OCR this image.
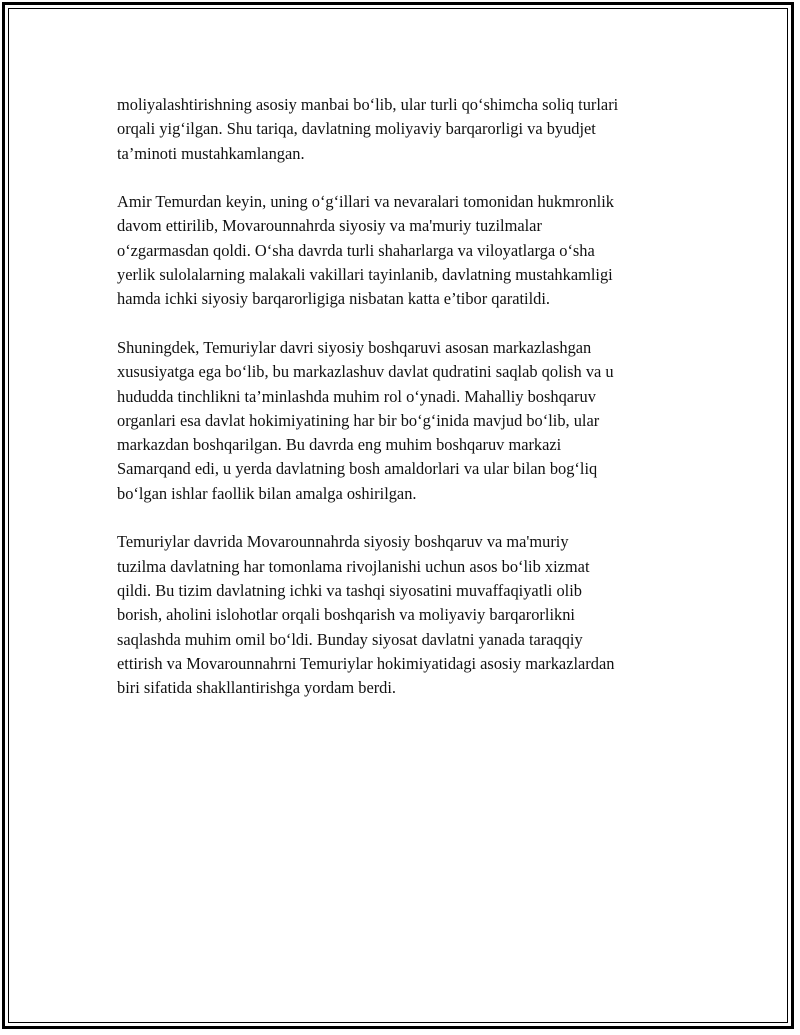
moliyalashtirishning asosiy manbai bo‘lib, ular turli qo‘shimcha soliq turlari
orqali yig‘ilgan. Shu tariqa, davlatning moliyaviy barqarorligi va byudjet
ta’minoti mustahkamlangan.

Amir Temurdan keyin, uning o‘g‘illari va nevaralari tomonidan hukmronlik
davom ettirilib, Movarounnahrda siyosiy va ma'muriy tuzilmalar
o‘zgarmasdan qoldi. O‘sha davrda turli shaharlarga va viloyatlarga o‘sha
yerlik sulolalarning malakali vakillari tayinlanib, davlatning mustahkamligi
hamda ichki siyosiy barqarorligiga nisbatan katta e’tibor qaratildi.

Shuningdek, Temuriylar davri siyosiy boshqaruvi asosan markazlashgan
xususiyatga ega bo‘lib, bu markazlashuv davlat qudratini saqlab qolish va u
hududda tinchlikni ta’minlashda muhim rol o‘ynadi. Mahalliy boshqaruv
organlari esa davlat hokimiyatining har bir bo‘g‘inida mavjud bo‘lib, ular
markazdan boshqarilgan. Bu davrda eng muhim boshqaruv markazi
Samarqand edi, u yerda davlatning bosh amaldorlari va ular bilan bog‘liq
bo‘lgan ishlar faollik bilan amalga oshirilgan.

Temuriylar davrida Movarounnahrda siyosiy boshqaruv va ma'muriy
tuzilma davlatning har tomonlama rivojlanishi uchun asos bo‘lib xizmat
qildi. Bu tizim davlatning ichki va tashqi siyosatini muvaffaqiyatli olib
borish, aholini islohotlar orqali boshqarish va moliyaviy barqarorlikni
saqlashda muhim omil bo‘ldi. Bunday siyosat davlatni yanada taraqqiy
ettirish va Movarounnahrni Temuriylar hokimiyatidagi asosiy markazlardan
biri sifatida shakllantirishga yordam berdi.
